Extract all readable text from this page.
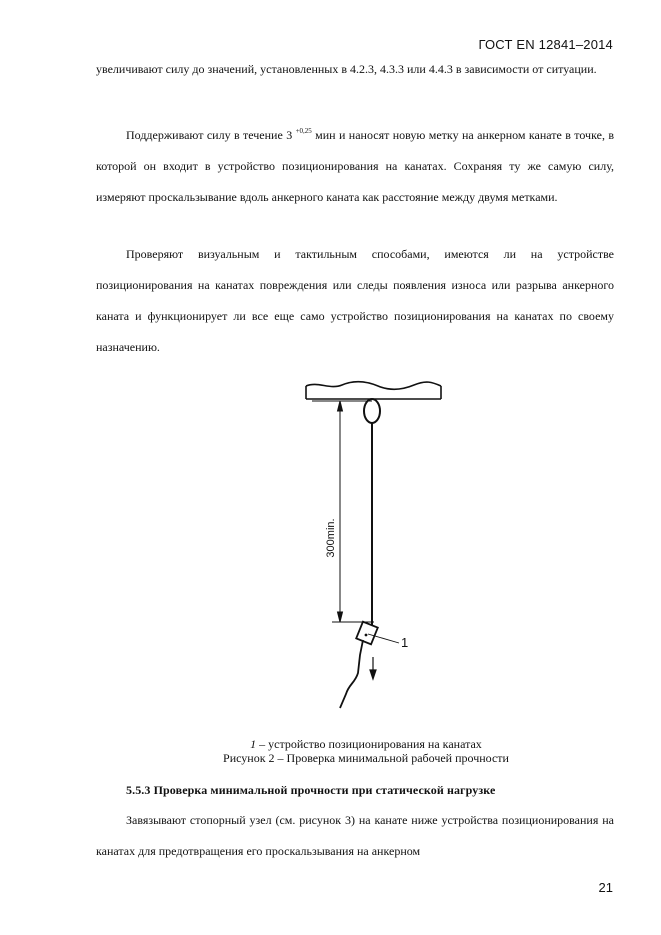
ГОСТ EN 12841–2014

увеличивают силу до значений, установленных в 4.2.3, 4.3.3 или 4.4.3 в зависимости от ситуации.

Поддерживают силу в течение 3 $^{+0,25}$ мин и наносят новую метку на анкерном канате в точке, в которой он входит в устройство позиционирования на канатах. Сохраняя ту же самую силу, измеряют проскальзывание вдоль анкерного каната как расстояние между двумя метками.

Проверяют визуальным и тактильным способами, имеются ли на устройстве позиционирования на канатах повреждения или следы появления износа или разрыва анкерного каната и функционирует ли все еще само устройство позиционирования на канатах по своему назначению.

300min.
1
1 – устройство позиционирования на канатах
Рисунок 2 – Проверка минимальной рабочей прочности
5.5.3 Проверка минимальной прочности при статической нагрузке

Завязывают стопорный узел (см. рисунок 3) на канате ниже устройства позиционирования на канатах для предотвращения его проскальзывания на анкерном

21
